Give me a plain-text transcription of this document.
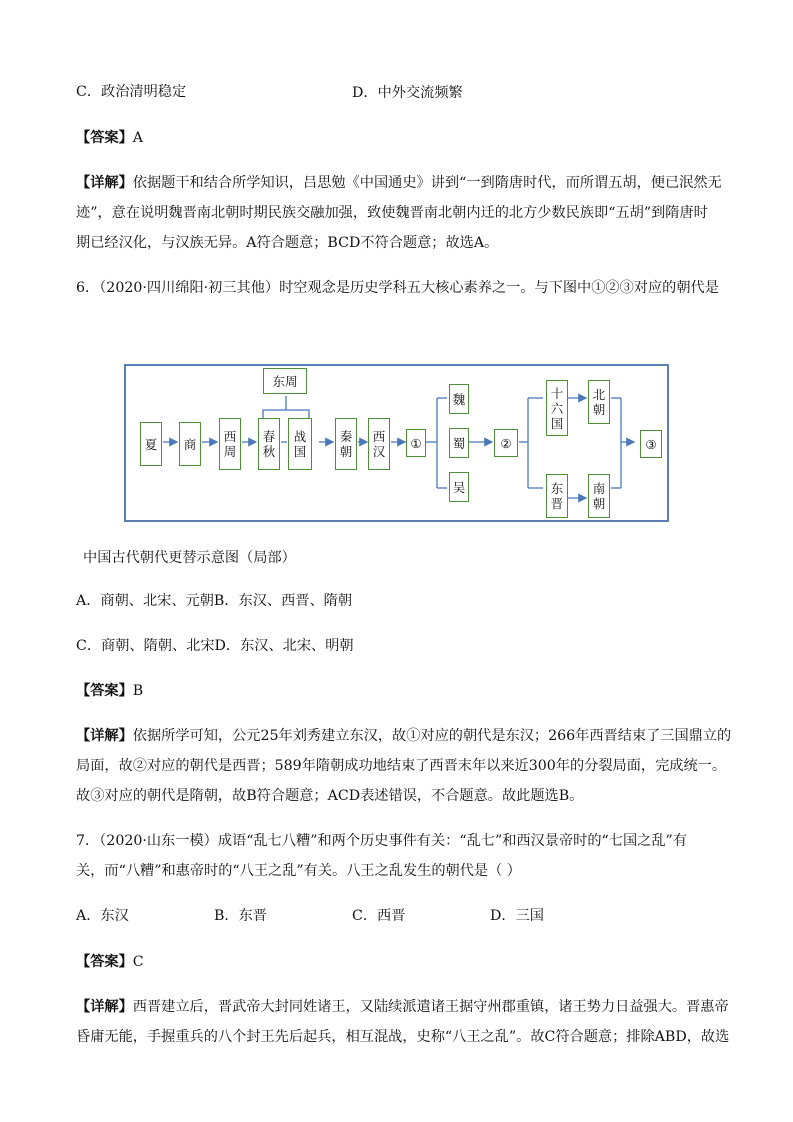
C．政治清明稳定	D．中外交流频繁
【答案】A
【详解】依据题干和结合所学知识，吕思勉《中国通史》讲到“一到隋唐时代，而所谓五胡，便已泯然无
迹”，意在说明魏晋南北朝时期民族交融加强，致使魏晋南北朝内迁的北方少数民族即“五胡”到隋唐时
期已经汉化，与汉族无异。A符合题意；BCD不符合题意；故选A。
6．（2020·四川绵阳·初三其他）时空观念是历史学科五大核心素养之一。与下图中①②③对应的朝代是
东周
夏	商	西周
春秋
战国
秦朝
西汉
①
魏
蜀
吴
②
十六国
北朝
东晋
南朝
③
中国古代朝代更替示意图（局部）
A．商朝、北宋、元朝B．东汉、西晋、隋朝
C．商朝、隋朝、北宋D．东汉、北宋、明朝
【答案】B
【详解】依据所学可知，公元25年刘秀建立东汉，故①对应的朝代是东汉；266年西晋结束了三国鼎立的
局面，故②对应的朝代是西晋；589年隋朝成功地结束了西晋末年以来近300年的分裂局面，完成统一。
故③对应的朝代是隋朝，故B符合题意；ACD表述错误，不合题意。故此题选B。
7．（2020·山东一模）成语“乱七八糟”和两个历史事件有关：“乱七”和西汉景帝时的“七国之乱”有
关，而“八糟”和惠帝时的“八王之乱”有关。八王之乱发生的朝代是（ ）
A．东汉	B．东晋	C．西晋	D．三国
【答案】C
【详解】西晋建立后，晋武帝大封同姓诸王，又陆续派遣诸王据守州郡重镇，诸王势力日益强大。晋惠帝
昏庸无能，手握重兵的八个封王先后起兵，相互混战，史称“八王之乱”。故C符合题意；排除ABD，故选
